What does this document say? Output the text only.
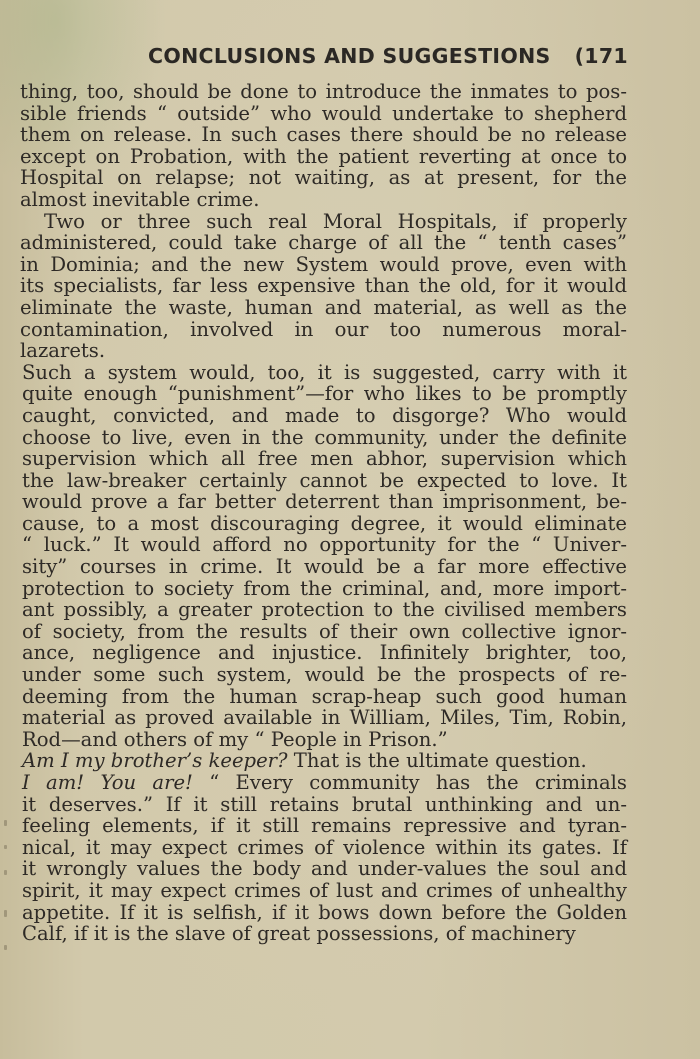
CONCLUSIONS AND SUGGESTIONS (171
thing, too, should be done to introduce the inmates to pos-
sible friends “ outside” who would undertake to shepherd
them on release. In such cases there should be no release
except on Probation, with the patient reverting at once to
Hospital on relapse; not waiting, as at present, for the
almost inevitable crime.
Two or three such real Moral Hospitals, if properly
administered, could take charge of all the “ tenth cases”
in Dominia; and the new System would prove, even with
its specialists, far less expensive than the old, for it would
eliminate the waste, human and material, as well as the
contamination, involved in our too numerous moral-
lazarets.
Such a system would, too, it is suggested, carry with it
quite enough “punishment”—for who likes to be promptly
caught, convicted, and made to disgorge? Who would
choose to live, even in the community, under the definite
supervision which all free men abhor, supervision which
the law-breaker certainly cannot be expected to love. It
would prove a far better deterrent than imprisonment, be-
cause, to a most discouraging degree, it would eliminate
“ luck.” It would afford no opportunity for the “ Univer-
sity” courses in crime. It would be a far more effective
protection to society from the criminal, and, more import-
ant possibly, a greater protection to the civilised members
of society, from the results of their own collective ignor-
ance, negligence and injustice. Infinitely brighter, too,
under some such system, would be the prospects of re-
deeming from the human scrap-heap such good human
material as proved available in William, Miles, Tim, Robin,
Rod—and others of my “ People in Prison.”
Am I my brother’s keeper? That is the ultimate question.
I am! You are! “ Every community has the criminals
it deserves.” If it still retains brutal unthinking and un-
feeling elements, if it still remains repressive and tyran-
nical, it may expect crimes of violence within its gates. If
it wrongly values the body and under-values the soul and
spirit, it may expect crimes of lust and crimes of unhealthy
appetite. If it is selfish, if it bows down before the Golden
Calf, if it is the slave of great possessions, of machinery
